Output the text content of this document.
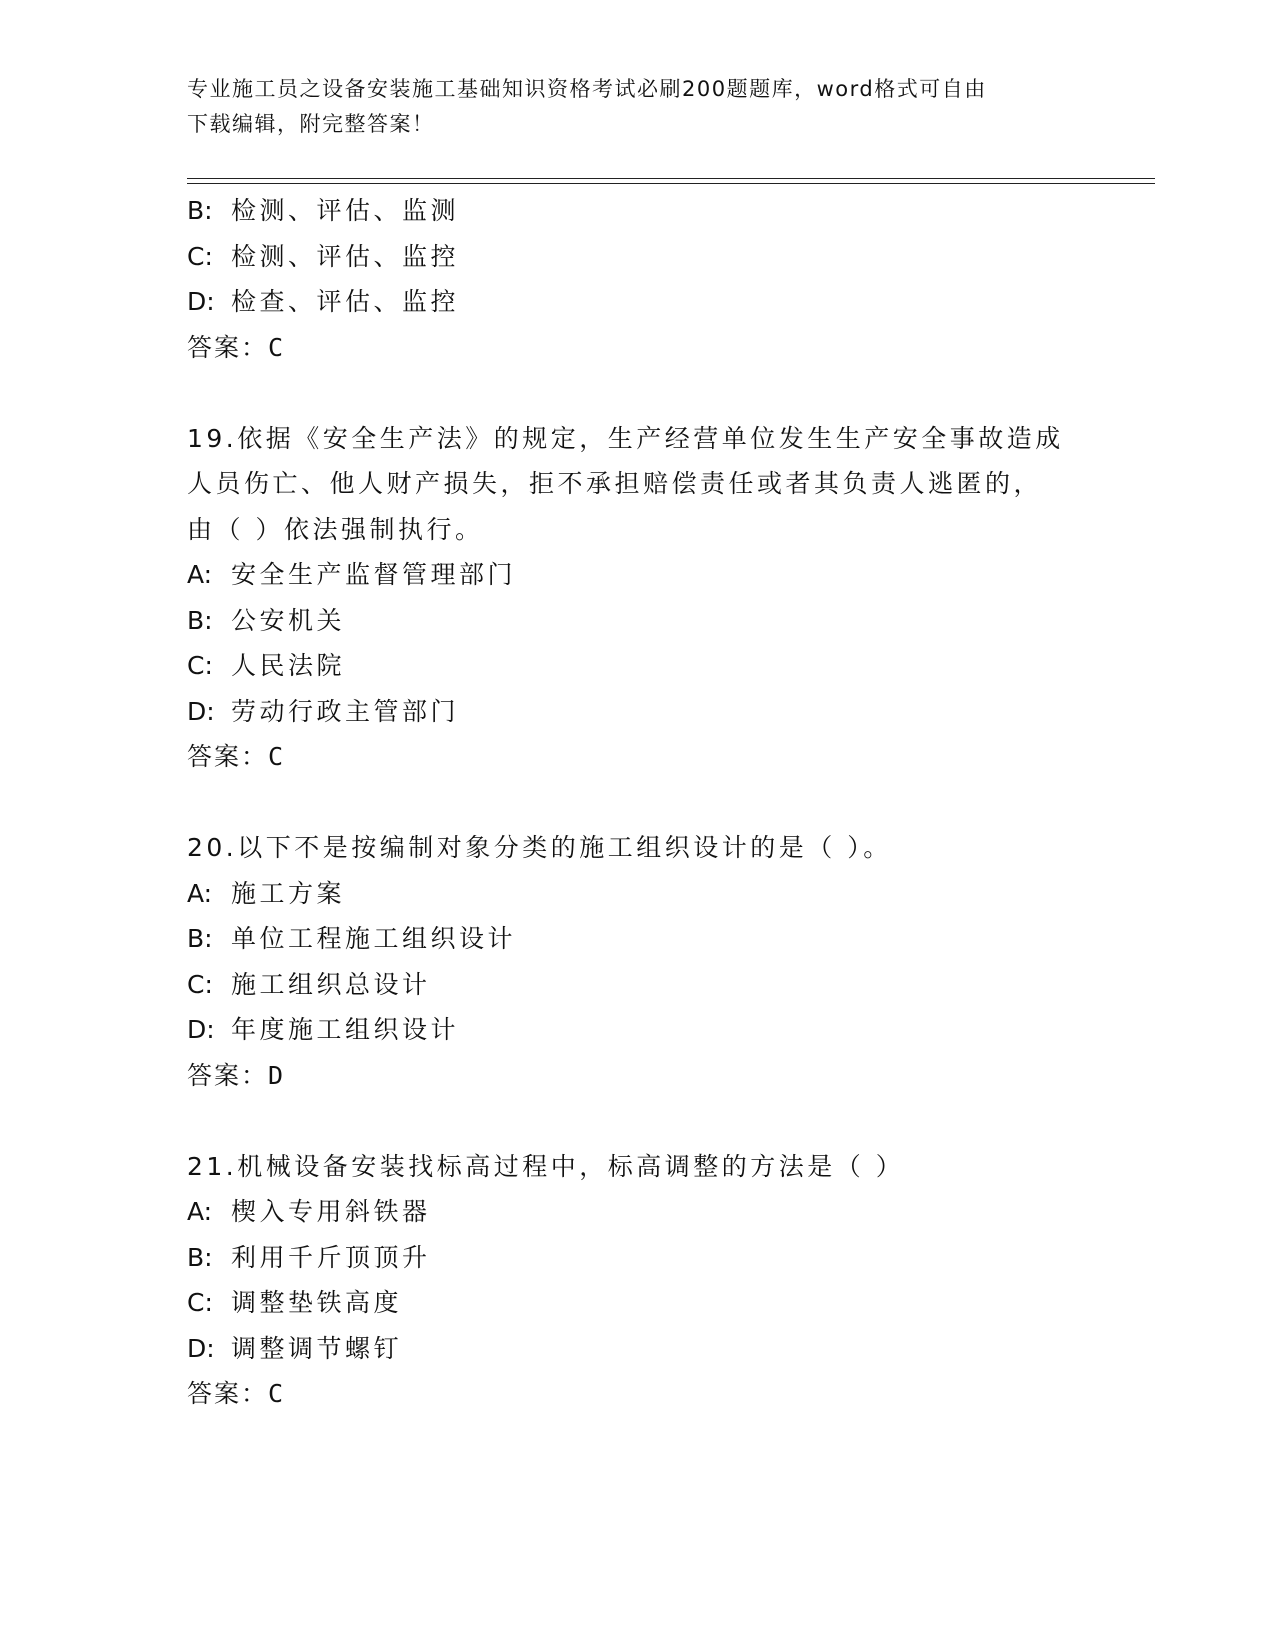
专业施工员之设备安装施工基础知识资格考试必刷200题题库，word格式可自由
下载编辑，附完整答案！
B: 检测、评估、监测
C: 检测、评估、监控
D: 检查、评估、监控
答案：C
19.依据《安全生产法》的规定，生产经营单位发生生产安全事故造成
人员伤亡、他人财产损失，拒不承担赔偿责任或者其负责人逃匿的，
由（ ）依法强制执行。
A: 安全生产监督管理部门
B: 公安机关
C: 人民法院
D: 劳动行政主管部门
答案：C
20.以下不是按编制对象分类的施工组织设计的是（ ）。
A: 施工方案
B: 单位工程施工组织设计
C: 施工组织总设计
D: 年度施工组织设计
答案：D
21.机械设备安装找标高过程中，标高调整的方法是（ ）
A: 楔入专用斜铁器
B: 利用千斤顶顶升
C: 调整垫铁高度
D: 调整调节螺钉
答案：C
